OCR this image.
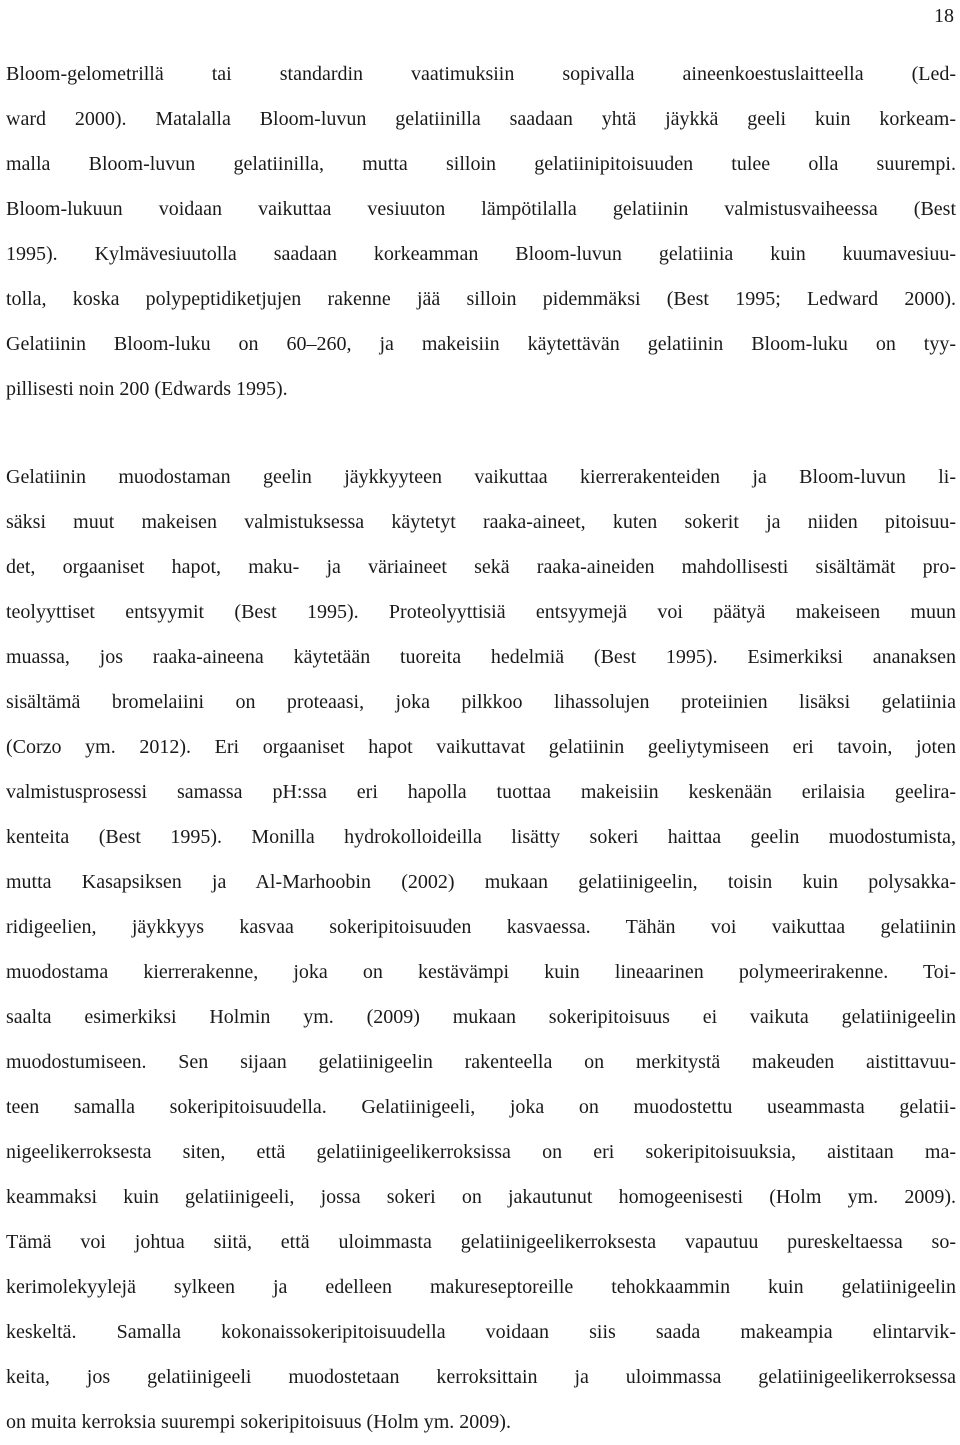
18
Bloom-gelometrillä tai standardin vaatimuksiin sopivalla aineenkoestuslaitteella (Led-
ward 2000). Matalalla Bloom-luvun gelatiinilla saadaan yhtä jäykkä geeli kuin korkeam-
malla Bloom-luvun gelatiinilla, mutta silloin gelatiinipitoisuuden tulee olla suurempi.
Bloom-lukuun voidaan vaikuttaa vesiuuton lämpötilalla gelatiinin valmistusvaiheessa (Best
1995). Kylmävesiuutolla saadaan korkeamman Bloom-luvun gelatiinia kuin kuumavesiuu-
tolla, koska polypeptidiketjujen rakenne jää silloin pidemmäksi (Best 1995; Ledward 2000).
Gelatiinin Bloom-luku on 60–260, ja makeisiin käytettävän gelatiinin Bloom-luku on tyy-
pillisesti noin 200 (Edwards 1995).
Gelatiinin muodostaman geelin jäykkyyteen vaikuttaa kierrerakenteiden ja Bloom-luvun li-
säksi muut makeisen valmistuksessa käytetyt raaka-aineet, kuten sokerit ja niiden pitoisuu-
det, orgaaniset hapot, maku- ja väriaineet sekä raaka-aineiden mahdollisesti sisältämät pro-
teolyyttiset entsyymit (Best 1995). Proteolyyttisiä entsyymejä voi päätyä makeiseen muun
muassa, jos raaka-aineena käytetään tuoreita hedelmiä (Best 1995). Esimerkiksi ananaksen
sisältämä bromelaiini on proteaasi, joka pilkkoo lihassolujen proteiinien lisäksi gelatiinia
(Corzo ym. 2012). Eri orgaaniset hapot vaikuttavat gelatiinin geeliytymiseen eri tavoin, joten
valmistusprosessi samassa pH:ssa eri hapolla tuottaa makeisiin keskenään erilaisia geelira-
kenteita (Best 1995). Monilla hydrokolloideilla lisätty sokeri haittaa geelin muodostumista,
mutta Kasapsiksen ja Al-Marhoobin (2002) mukaan gelatiinigeelin, toisin kuin polysakka-
ridigeelien, jäykkyys kasvaa sokeripitoisuuden kasvaessa. Tähän voi vaikuttaa gelatiinin
muodostama kierrerakenne, joka on kestävämpi kuin lineaarinen polymeerirakenne. Toi-
saalta esimerkiksi Holmin ym. (2009) mukaan sokeripitoisuus ei vaikuta gelatiinigeelin
muodostumiseen. Sen sijaan gelatiinigeelin rakenteella on merkitystä makeuden aistittavuu-
teen samalla sokeripitoisuudella. Gelatiinigeeli, joka on muodostettu useammasta gelatii-
nigeelikerroksesta siten, että gelatiinigeelikerroksissa on eri sokeripitoisuuksia, aistitaan ma-
keammaksi kuin gelatiinigeeli, jossa sokeri on jakautunut homogeenisesti (Holm ym. 2009).
Tämä voi johtua siitä, että uloimmasta gelatiinigeelikerroksesta vapautuu pureskeltaessa so-
kerimolekyylejä sylkeen ja edelleen makureseptoreille tehokkaammin kuin gelatiinigeelin
keskeltä. Samalla kokonaissokeripitoisuudella voidaan siis saada makeampia elintarvik-
keita, jos gelatiinigeeli muodostetaan kerroksittain ja uloimmassa gelatiinigeelikerroksessa
on muita kerroksia suurempi sokeripitoisuus (Holm ym. 2009).
